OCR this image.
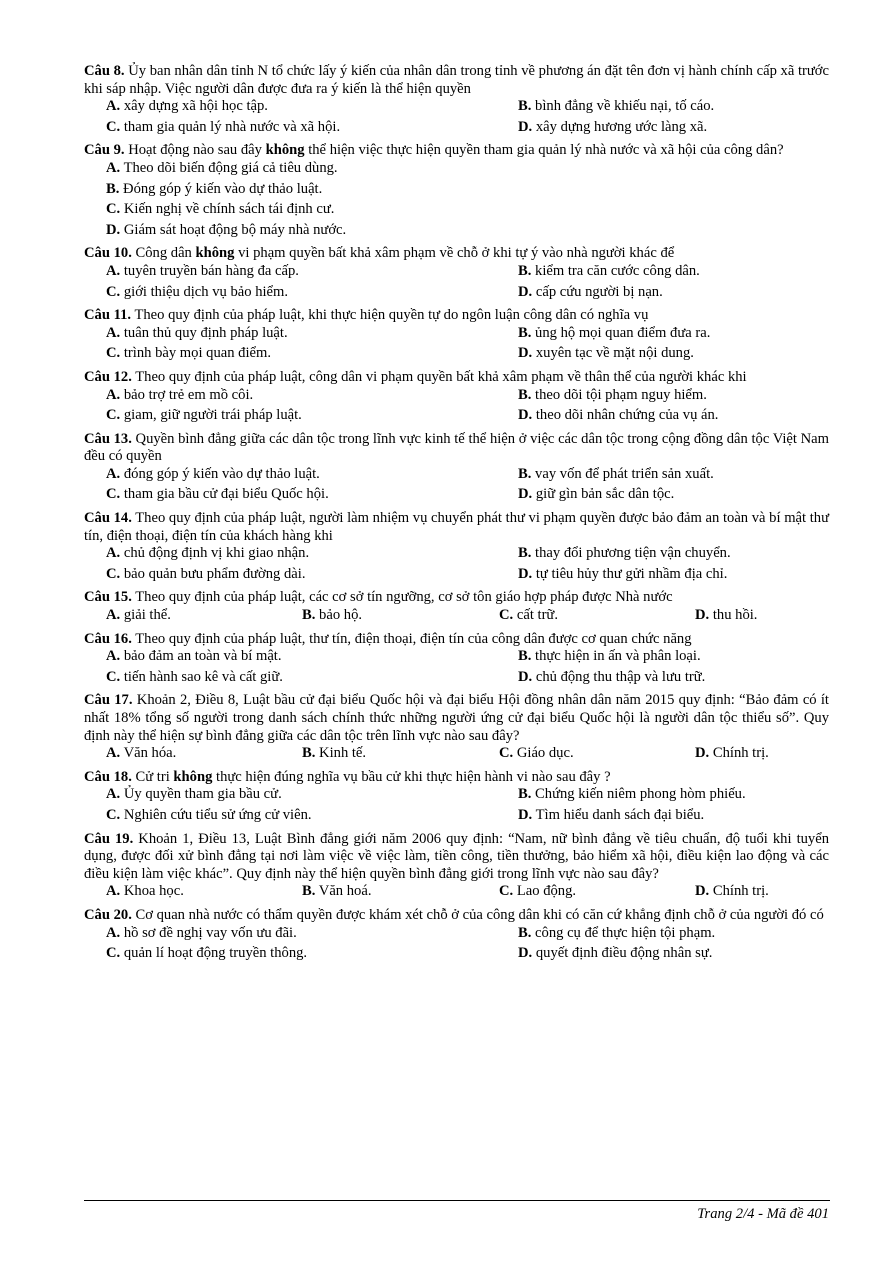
Câu 8. Ủy ban nhân dân tỉnh N tổ chức lấy ý kiến của nhân dân trong tỉnh về phương án đặt tên đơn vị hành chính cấp xã trước khi sáp nhập. Việc người dân được đưa ra ý kiến là thể hiện quyền

A. xây dựng xã hội học tập.	B. bình đẳng về khiếu nại, tố cáo.
C. tham gia quản lý nhà nước và xã hội.	D. xây dựng hương ước làng xã.

Câu 9. Hoạt động nào sau đây không thể hiện việc thực hiện quyền tham gia quản lý nhà nước và xã hội của công dân?

A. Theo dõi biến động giá cả tiêu dùng.
B. Đóng góp ý kiến vào dự thảo luật.
C. Kiến nghị về chính sách tái định cư.
D. Giám sát hoạt động bộ máy nhà nước.

Câu 10. Công dân không vi phạm quyền bất khả xâm phạm về chỗ ở khi tự ý vào nhà người khác để

A. tuyên truyền bán hàng đa cấp.	B. kiểm tra căn cước công dân.
C. giới thiệu dịch vụ bảo hiểm.	D. cấp cứu người bị nạn.

Câu 11. Theo quy định của pháp luật, khi thực hiện quyền tự do ngôn luận công dân có nghĩa vụ

A. tuân thủ quy định pháp luật.	B. ủng hộ mọi quan điểm đưa ra.
C. trình bày mọi quan điểm.	D. xuyên tạc về mặt nội dung.

Câu 12. Theo quy định của pháp luật, công dân vi phạm quyền bất khả xâm phạm về thân thể của người khác khi

A. bảo trợ trẻ em mồ côi.	B. theo dõi tội phạm nguy hiểm.
C. giam, giữ người trái pháp luật.	D. theo dõi nhân chứng của vụ án.

Câu 13. Quyền bình đẳng giữa các dân tộc trong lĩnh vực kinh tế thể hiện ở việc các dân tộc trong cộng đồng dân tộc Việt Nam đều có quyền

A. đóng góp ý kiến vào dự thảo luật.	B. vay vốn để phát triển sản xuất.
C. tham gia bầu cử đại biểu Quốc hội.	D. giữ gìn bản sắc dân tộc.

Câu 14. Theo quy định của pháp luật, người làm nhiệm vụ chuyển phát thư vi phạm quyền được bảo đảm an toàn và bí mật thư tín, điện thoại, điện tín của khách hàng khi

A. chủ động định vị khi giao nhận.	B. thay đổi phương tiện vận chuyển.
C. bảo quản bưu phẩm đường dài.	D. tự tiêu hủy thư gửi nhầm địa chỉ.

Câu 15. Theo quy định của pháp luật, các cơ sở tín ngưỡng, cơ sở tôn giáo hợp pháp được Nhà nước

A. giải thể.	B. bảo hộ.	C. cất trữ.	D. thu hồi.

Câu 16. Theo quy định của pháp luật, thư tín, điện thoại, điện tín của công dân được cơ quan chức năng

A. bảo đảm an toàn và bí mật.	B. thực hiện in ấn và phân loại.
C. tiến hành sao kê và cất giữ.	D. chủ động thu thập và lưu trữ.

Câu 17. Khoản 2, Điều 8, Luật bầu cử đại biểu Quốc hội và đại biểu Hội đồng nhân dân năm 2015 quy định: “Bảo đảm có ít nhất 18% tổng số người trong danh sách chính thức những người ứng cử đại biểu Quốc hội là người dân tộc thiểu số”. Quy định này thể hiện sự bình đẳng giữa các dân tộc trên lĩnh vực nào sau đây?

A. Văn hóa.	B. Kinh tế.	C. Giáo dục.	D. Chính trị.

Câu 18. Cử tri không thực hiện đúng nghĩa vụ bầu cử khi thực hiện hành vi nào sau đây ?

A. Ủy quyền tham gia bầu cử.	B. Chứng kiến niêm phong hòm phiếu.
C. Nghiên cứu tiểu sử ứng cử viên.	D. Tìm hiểu danh sách đại biểu.

Câu 19. Khoản 1, Điều 13, Luật Bình đẳng giới năm 2006 quy định: “Nam, nữ bình đẳng về tiêu chuẩn, độ tuổi khi tuyển dụng, được đối xử bình đẳng tại nơi làm việc về việc làm, tiền công, tiền thưởng, bảo hiểm xã hội, điều kiện lao động và các điều kiện làm việc khác”. Quy định này thể hiện quyền bình đẳng giới trong lĩnh vực nào sau đây?

A. Khoa học.	B. Văn hoá.	C. Lao động.	D. Chính trị.

Câu 20. Cơ quan nhà nước có thẩm quyền được khám xét chỗ ở của công dân khi có căn cứ khẳng định chỗ ở của người đó có

A. hồ sơ đề nghị vay vốn ưu đãi.	B. công cụ để thực hiện tội phạm.
C. quản lí hoạt động truyền thông.	D. quyết định điều động nhân sự.
Trang 2/4 - Mã đề 401
